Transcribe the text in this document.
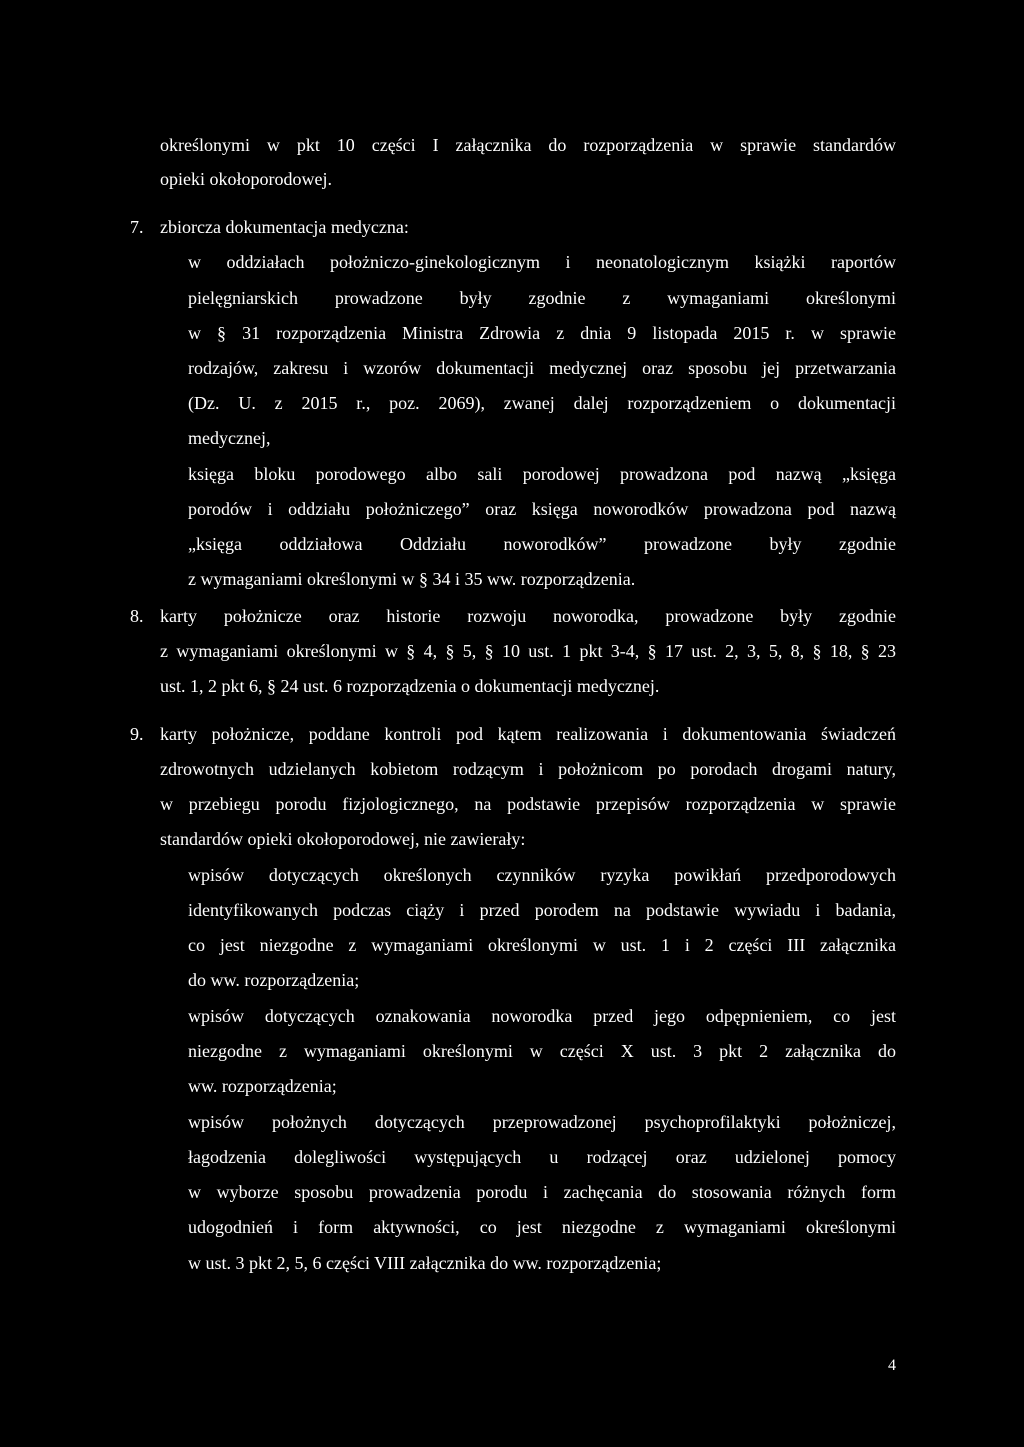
określonymi w pkt 10 części I załącznika do rozporządzenia w sprawie standardów
opieki okołoporodowej.
7. zbiorcza dokumentacja medyczna:
w oddziałach położniczo-ginekologicznym i neonatologicznym książki raportów
pielęgniarskich prowadzone były zgodnie z wymaganiami określonymi
w § 31 rozporządzenia Ministra Zdrowia z dnia 9 listopada 2015 r. w sprawie
rodzajów, zakresu i wzorów dokumentacji medycznej oraz sposobu jej przetwarzania
(Dz. U. z 2015 r., poz. 2069), zwanej dalej rozporządzeniem o dokumentacji
medycznej,
księga bloku porodowego albo sali porodowej prowadzona pod nazwą „księga
porodów i oddziału położniczego” oraz księga noworodków prowadzona pod nazwą
„księga oddziałowa Oddziału noworodków” prowadzone były zgodnie
z wymaganiami określonymi w § 34 i 35 ww. rozporządzenia.
8. karty położnicze oraz historie rozwoju noworodka, prowadzone były zgodnie
z wymaganiami określonymi w § 4, § 5, § 10 ust. 1 pkt 3-4, § 17 ust. 2, 3, 5, 8, § 18, § 23
ust. 1, 2 pkt 6, § 24 ust. 6 rozporządzenia o dokumentacji medycznej.
9. karty położnicze, poddane kontroli pod kątem realizowania i dokumentowania świadczeń
zdrowotnych udzielanych kobietom rodzącym i położnicom po porodach drogami natury,
w przebiegu porodu fizjologicznego, na podstawie przepisów rozporządzenia w sprawie
standardów opieki okołoporodowej, nie zawierały:
wpisów dotyczących określonych czynników ryzyka powikłań przedporodowych
identyfikowanych podczas ciąży i przed porodem na podstawie wywiadu i badania,
co jest niezgodne z wymaganiami określonymi w ust. 1 i 2 części III załącznika
do ww. rozporządzenia;
wpisów dotyczących oznakowania noworodka przed jego odpępnieniem, co jest
niezgodne z wymaganiami określonymi w części X ust. 3 pkt 2 załącznika do
ww. rozporządzenia;
wpisów położnych dotyczących przeprowadzonej psychoprofilaktyki położniczej,
łagodzenia dolegliwości występujących u rodzącej oraz udzielonej pomocy
w wyborze sposobu prowadzenia porodu i zachęcania do stosowania różnych form
udogodnień i form aktywności, co jest niezgodne z wymaganiami określonymi
w ust. 3 pkt 2, 5, 6 części VIII załącznika do ww. rozporządzenia;
4
